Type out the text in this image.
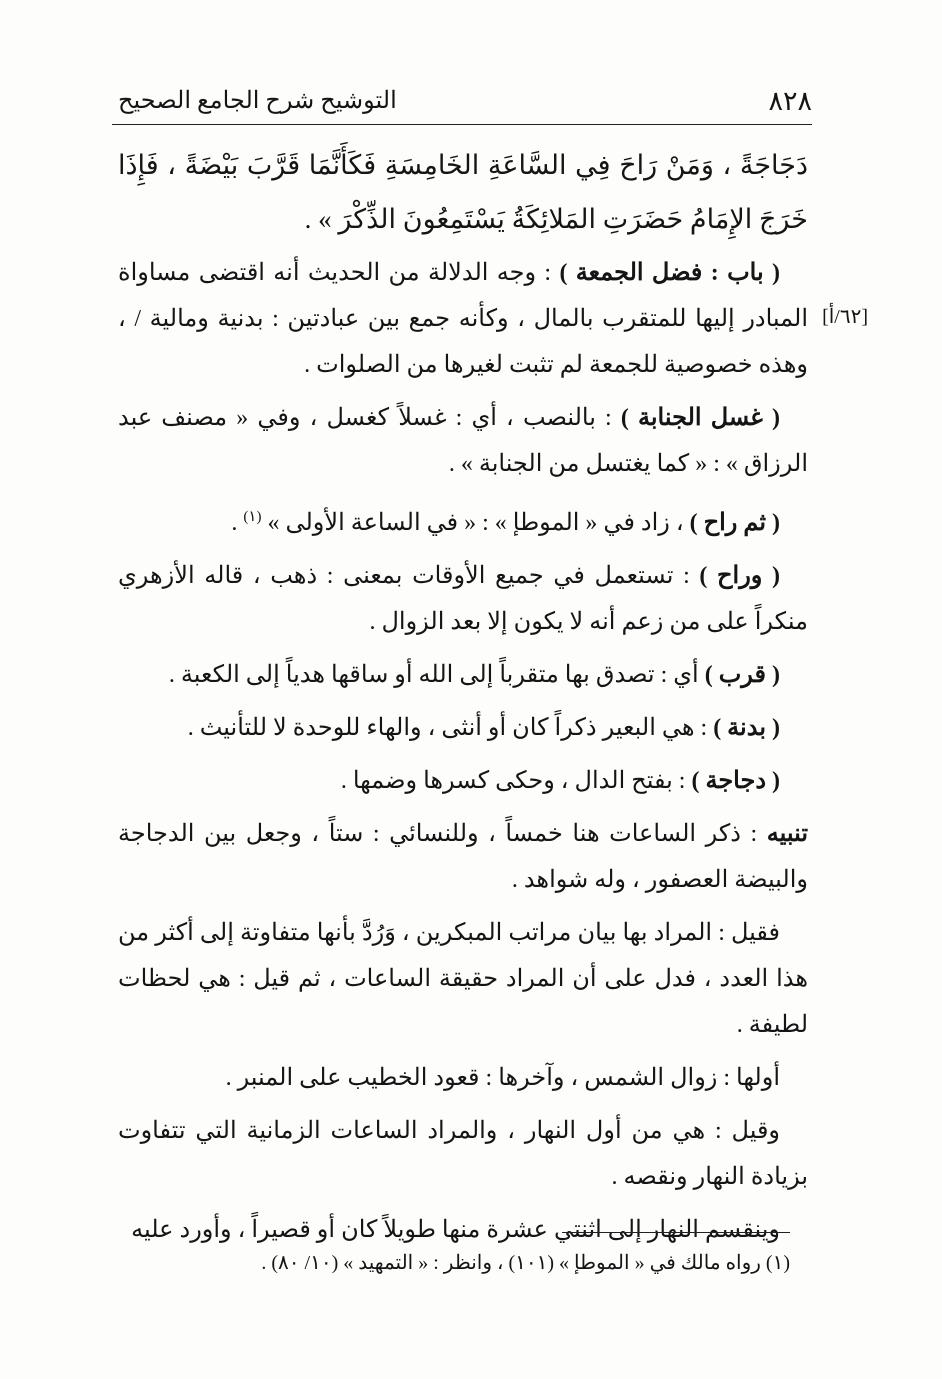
٨٢٨
التوشيح شرح الجامع الصحيح
[٦٢/أ]
دَجَاجَةً ، وَمَنْ رَاحَ فِي السَّاعَةِ الخَامِسَةِ فَكَأَنَّمَا قَرَّبَ بَيْضَةً ، فَإِذَا خَرَجَ الإِمَامُ حَضَرَتِ المَلائِكَةُ يَسْتَمِعُونَ الذِّكْرَ » .

( باب : فضل الجمعة ) : وجه الدلالة من الحديث أنه اقتضى مساواة المبادر إليها للمتقرب بالمال ، وكأنه جمع بين عبادتين : بدنية ومالية / ، وهذه خصوصية للجمعة لم تثبت لغيرها من الصلوات .

( غسل الجنابة ) : بالنصب ، أي : غسلاً كغسل ، وفي « مصنف عبد الرزاق » : « كما يغتسل من الجنابة » .

( ثم راح ) ، زاد في « الموطإ » : « في الساعة الأولى » $^{(١)}$ .

( وراح ) : تستعمل في جميع الأوقات بمعنى : ذهب ، قاله الأزهري منكراً على من زعم أنه لا يكون إلا بعد الزوال .

( قرب ) أي : تصدق بها متقرباً إلى الله أو ساقها هدياً إلى الكعبة .

( بدنة ) : هي البعير ذكراً كان أو أنثى ، والهاء للوحدة لا للتأنيث .

( دجاجة ) : بفتح الدال ، وحكى كسرها وضمها .

تنبيه : ذكر الساعات هنا خمساً ، وللنسائي : ستاً ، وجعل بين الدجاجة والبيضة العصفور ، وله شواهد .

فقيل : المراد بها بيان مراتب المبكرين ، وَرُدَّ بأنها متفاوتة إلى أكثر من هذا العدد ، فدل على أن المراد حقيقة الساعات ، ثم قيل : هي لحظات لطيفة .

أولها : زوال الشمس ، وآخرها : قعود الخطيب على المنبر .

وقيل : هي من أول النهار ، والمراد الساعات الزمانية التي تتفاوت بزيادة النهار ونقصه .

وينقسم النهار إلى اثنتي عشرة منها طويلاً كان أو قصيراً ، وأورد عليه

(١) رواه مالك في « الموطإ » (١٠١) ، وانظر : « التمهيد » (١٠/ ٨٠) .
